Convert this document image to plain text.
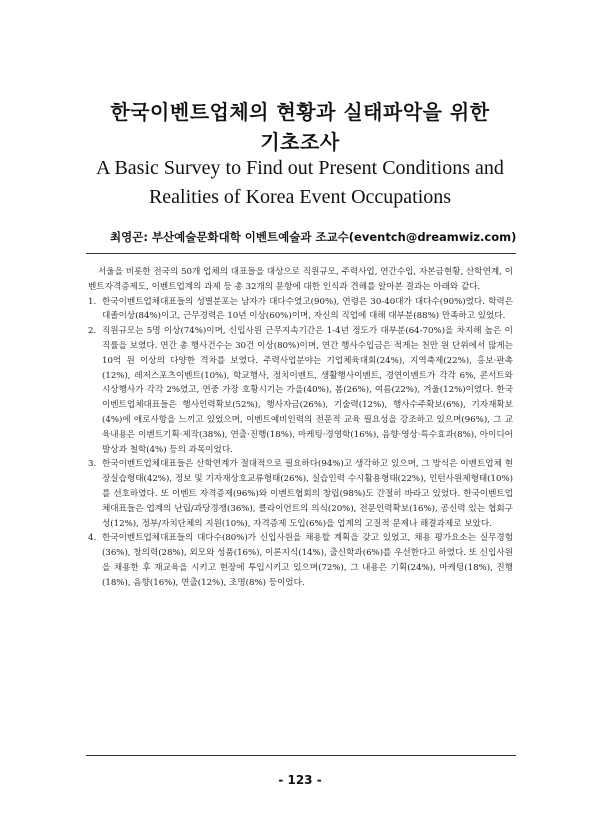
한국이벤트업체의 현황과 실태파악을 위한
기초조사
A Basic Survey to Find out Present Conditions and
Realities of Korea Event Occupations
최영곤: 부산예술문화대학 이벤트예술과 조교수(eventch@dreamwiz.com)

서울을 비롯한 전국의 50개 업체의 대표들을 대상으로 직원규모, 주력사업, 연간수입, 자본금현황, 산학연계, 이벤트자격증제도, 이벤트업계의 과제 등 총 32개의 문항에 대한 인식과 견해를 알아본 결과는 아래와 같다.

1. 한국이벤트업체대표들의 성별분포는 남자가 대다수였고(90%), 연령은 30-40대가 대다수(90%)였다. 학력은 대졸이상(84%)이고, 근무경력은 10년 이상(60%)이며, 자신의 직업에 대해 대부분(88%) 만족하고 있었다.
2. 직원규모는 5명 이상(74%)이며, 신입사원 근무지속기간은 1-4년 정도가 대부분(64-70%)을 차지해 높은 이직률을 보였다. 연간 총 행사건수는 30건 이상(80%)이며, 연간 행사수입금은 적게는 천만 원 단위에서 많게는 10억 원 이상의 다양한 격차를 보였다. 주력사업분야는 기업체육대회(24%), 지역축제(22%), 홍보·판촉(12%), 레저스포츠이벤트(10%), 학교행사, 정치이벤트, 생활행사이벤트, 경연이벤트가 각각 6%, 콘서트와 시상행사가 각각 2%였고, 연중 가장 호황시기는 가을(40%), 봄(26%), 여름(22%), 겨울(12%)이였다. 한국이벤트업체대표들은 행사인력확보(52%), 행사자금(26%), 기술력(12%), 행사수주확보(6%), 기자재확보(4%)에 애로사항을 느끼고 있었으며, 이벤트예비인력의 전문적 교육 필요성을 강조하고 있으며(96%), 그 교육내용은 이벤트기획·제작(38%), 연출·진행(18%), 마케팅·경영학(16%), 음향·영상·특수효과(8%), 아이디어발상과 철학(4%) 등의 과목이었다.
3. 한국이벤트업체대표들은 산학연계가 절대적으로 필요하다(94%)고 생각하고 있으며, 그 방식은 이벤트업체 현장실습형태(42%), 정보 및 기자재상호교류형태(26%), 실습인력 수시활용형태(22%), 인턴사원제형태(10%)를 선호하였다. 또 이벤트 자격증제(96%)와 이벤트협회의 창립(98%)도 간절히 바라고 있었다. 한국이벤트업체대표들은 업계의 난립/과당경쟁(36%), 클라이언트의 의식(20%), 전문인력확보(16%), 공신력 있는 협회구성(12%), 정부/자치단체의 지원(10%), 자격증제 도입(6%)을 업계의 고질적 문제나 해결과제로 보았다.
4. 한국이벤트업체대표들의 대다수(80%)가 신입사원을 채용할 계획을 갖고 있었고, 채용 평가요소는 실무경험(36%), 창의력(28%), 외모와 성품(16%), 이론지식(14%), 출신학과(6%)를 우선한다고 하였다. 또 신입사원을 채용한 후 재교육을 시키고 현장에 투입시키고 있으며(72%), 그 내용은 기획(24%), 마케팅(18%), 진행(18%), 음향(16%), 연출(12%), 조명(8%) 등이었다.
- 123 -
